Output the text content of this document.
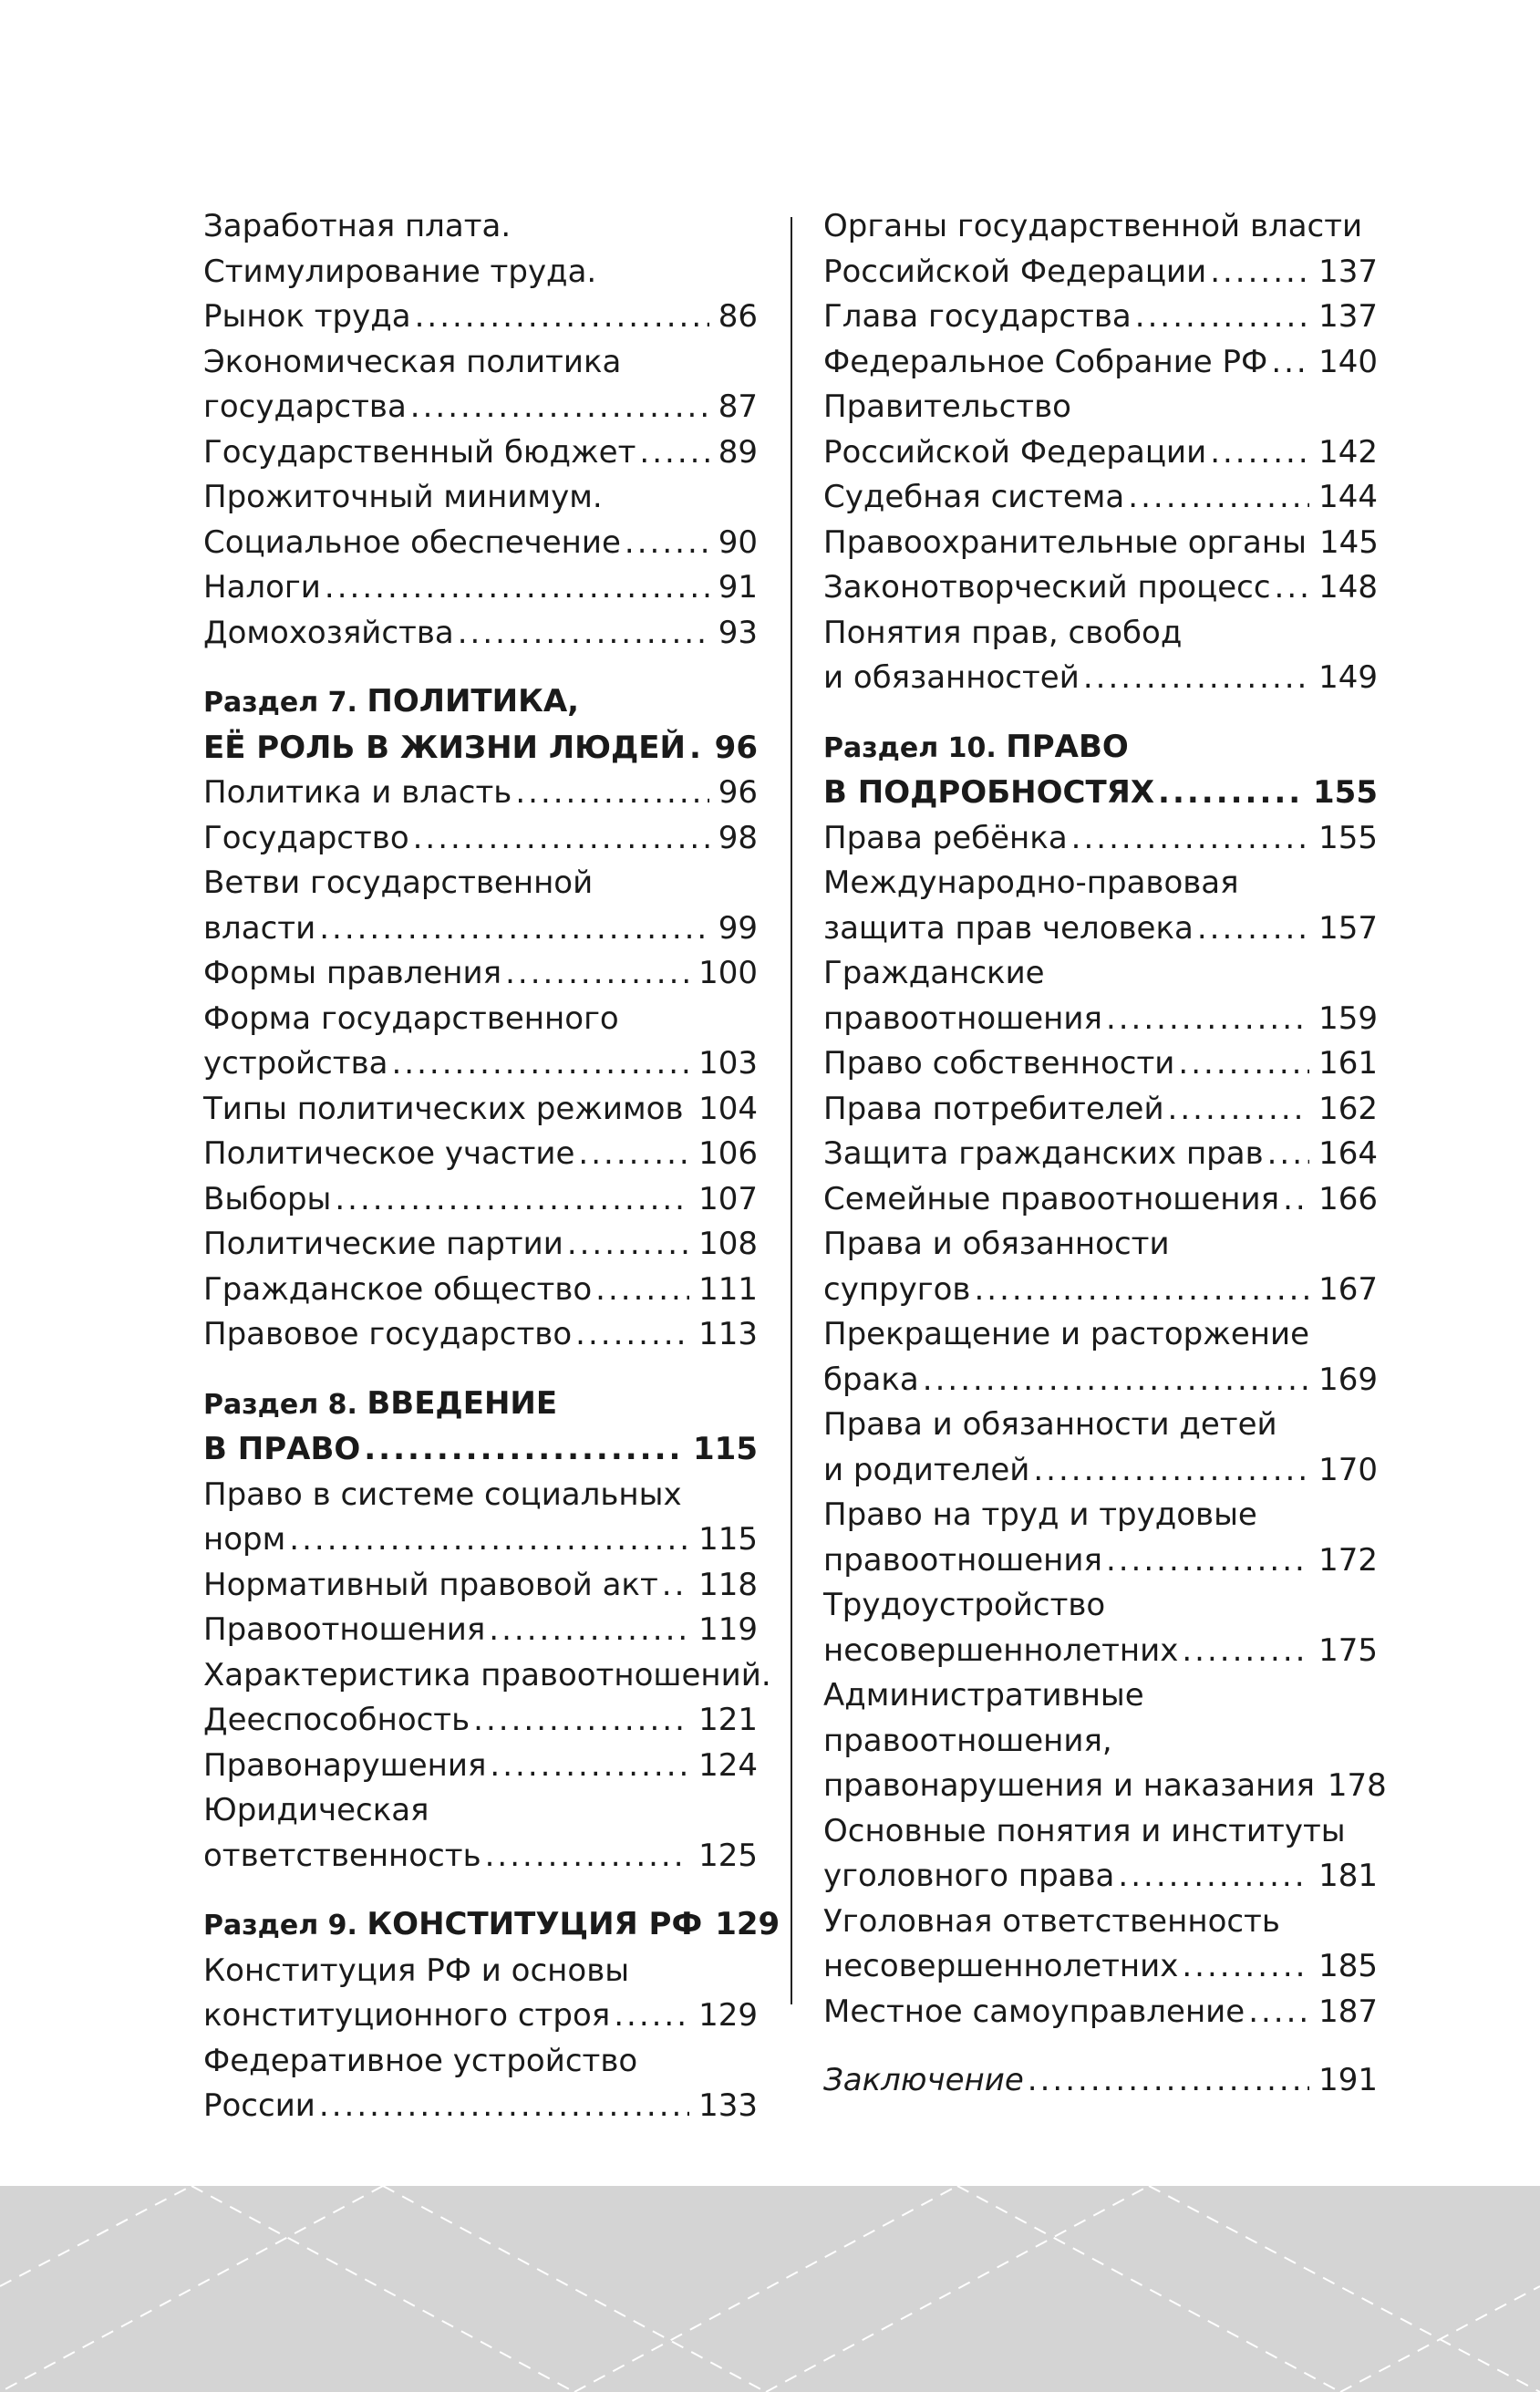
Заработная плата.
Стимулирование труда.
Рынок труда .....	86
Экономическая политика
государства .....	87
Государственный бюджет .....	89
Прожиточный минимум.
Социальное обеспечение .....	90
Налоги .....	91
Домохозяйства .....	93
Раздел 7. ПОЛИТИКА,
ЕЁ РОЛЬ В ЖИЗНИ ЛЮДЕЙ ..... 96
Политика и власть .....	96
Государство .....	98
Ветви государственной
власти .....	99
Формы правления .....	100
Форма государственного
устройства .....	103
Типы политических режимов ..... 104
Политическое участие .....	106
Выборы .....	107
Политические партии .....	108
Гражданское общество .....	111
Правовое государство .....	113
Раздел 8. ВВЕДЕНИЕ
В ПРАВО .....	115
Право в системе социальных
норм .....	115
Нормативный правовой акт ..... 118
Правоотношения .....	119
Характеристика правоотношений.
Дееспособность .....	121
Правонарушения .....	124
Юридическая
ответственность .....	125
Раздел 9. КОНСТИТУЦИЯ РФ 129
Конституция РФ и основы
конституционного строя .....	129
Федеративное устройство
России .....	133
Органы государственной власти
Российской Федерации .....	137
Глава государства .....	137
Федеральное Собрание РФ ..... 140
Правительство
Российской Федерации .....	142
Судебная система .....	144
Правоохранительные органы 145
Законотворческий процесс ..... 148
Понятия прав, свобод
и обязанностей .....	149
Раздел 10. ПРАВО
В ПОДРОБНОСТЯХ .....	155
Права ребёнка .....	155
Международно-правовая
защита прав человека .....	157
Гражданские
правоотношения .....	159
Право собственности .....	161
Права потребителей .....	162
Защита гражданских прав ..... 164
Семейные правоотношения ..... 166
Права и обязанности
супругов .....	167
Прекращение и расторжение
брака .....	169
Права и обязанности детей
и родителей .....	170
Право на труд и трудовые
правоотношения .....	172
Трудоустройство
несовершеннолетних .....	175
Административные
правоотношения,
правонарушения и наказания 178
Основные понятия и институты
уголовного права .....	181
Уголовная ответственность
несовершеннолетних .....	185
Местное самоуправление ..... 187
Заключение .....	191
